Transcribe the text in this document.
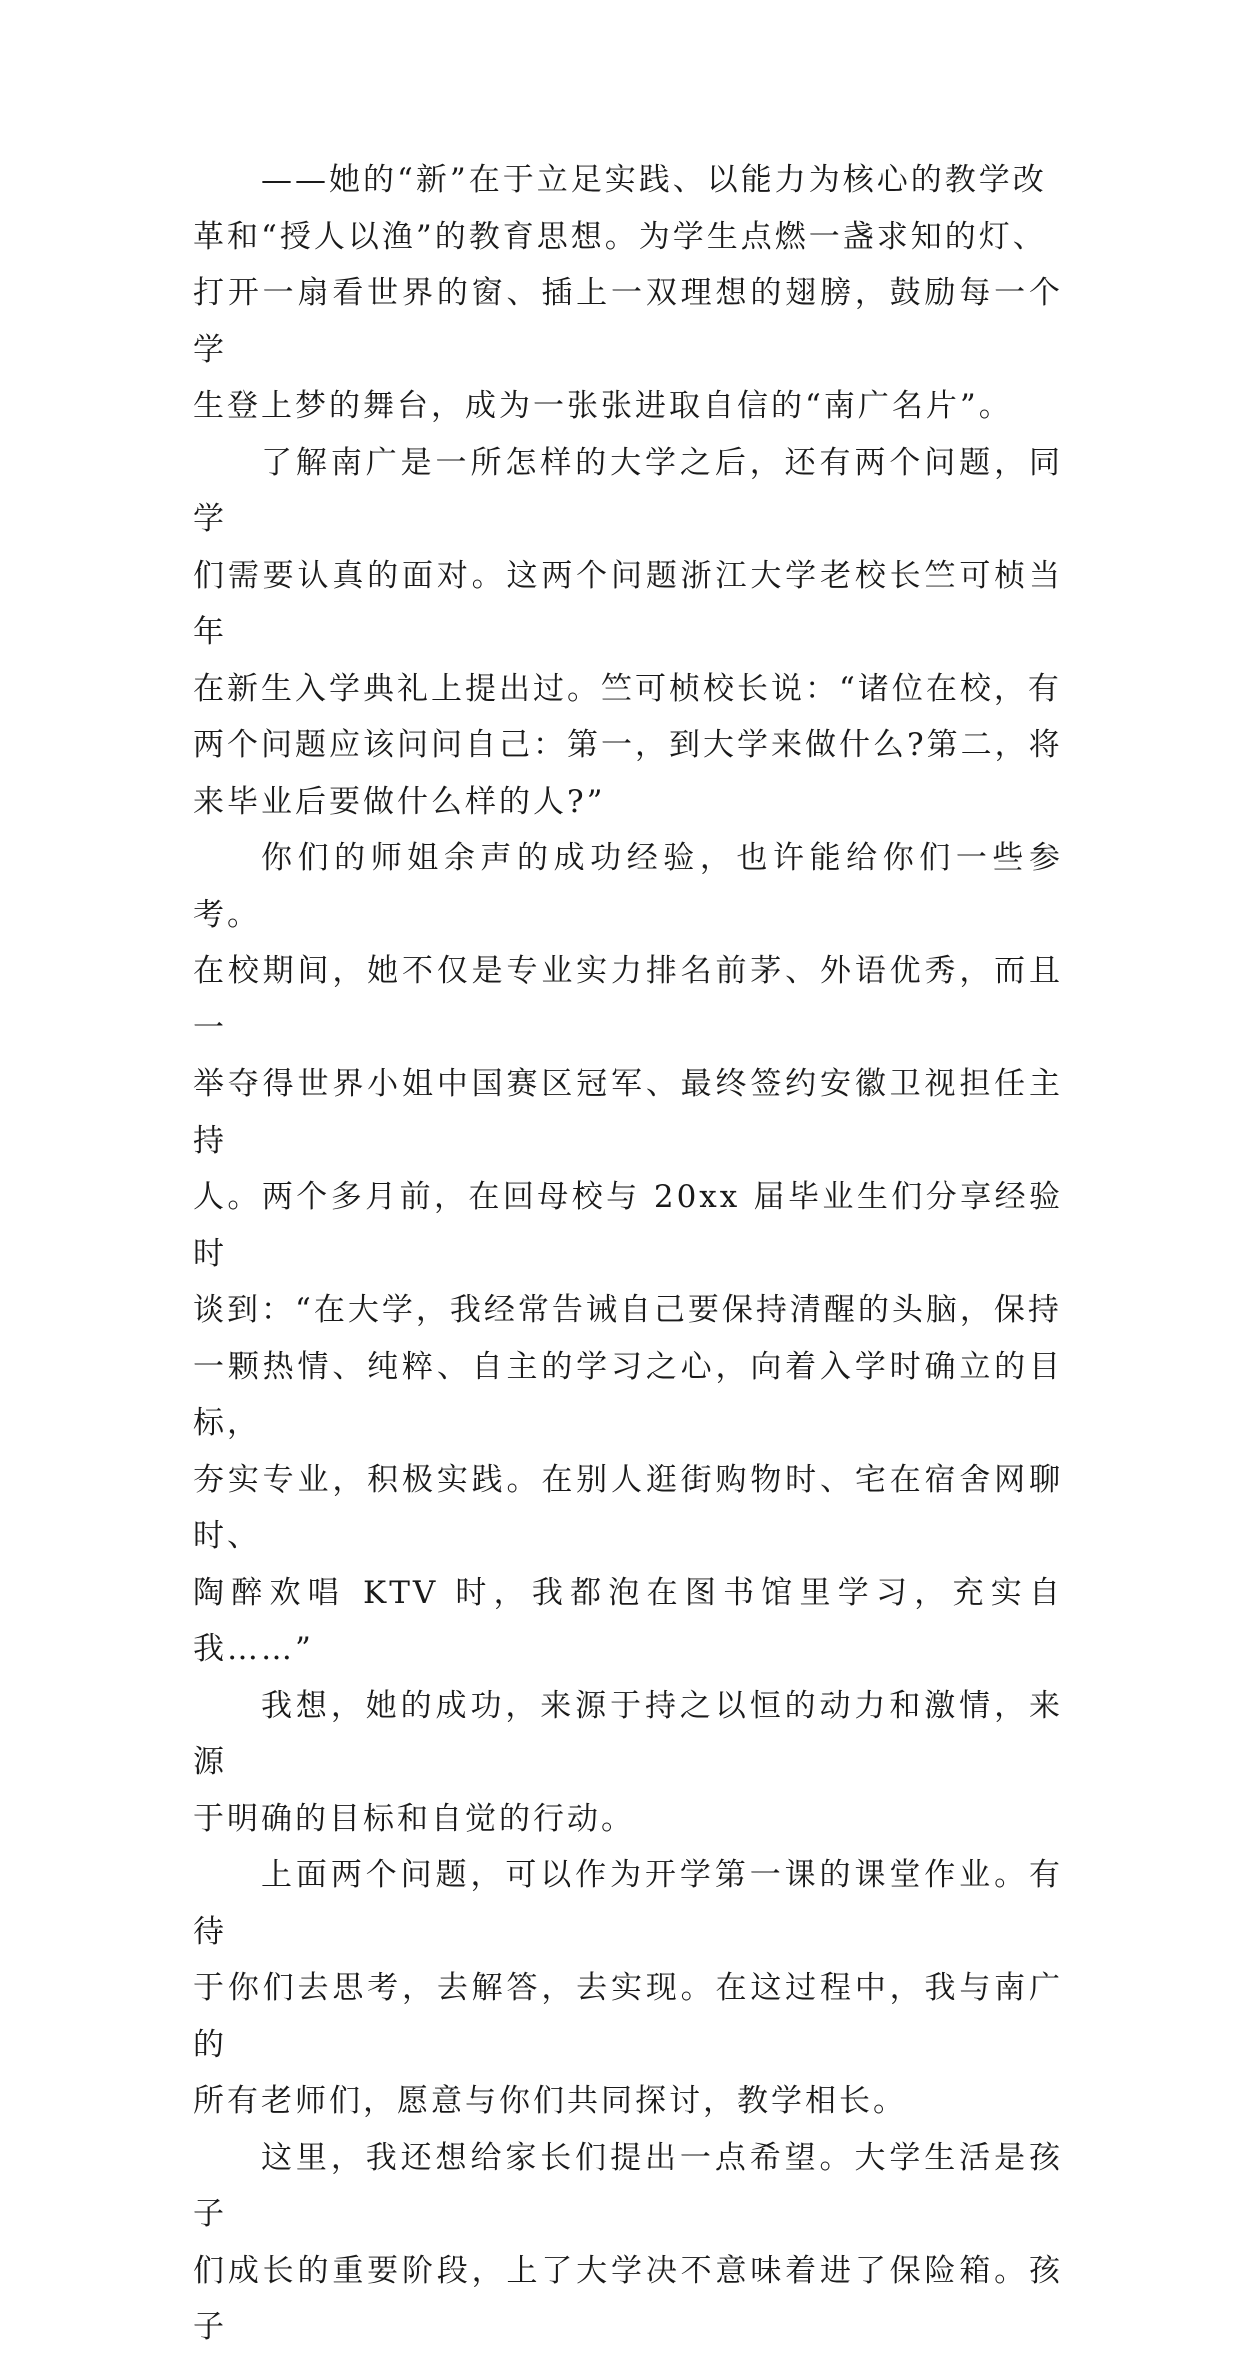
——她的“新”在于立足实践、以能力为核心的教学改
革和“授人以渔”的教育思想。为学生点燃一盏求知的灯、
打开一扇看世界的窗、插上一双理想的翅膀，鼓励每一个学
生登上梦的舞台，成为一张张进取自信的“南广名片”。

了解南广是一所怎样的大学之后，还有两个问题，同学
们需要认真的面对。这两个问题浙江大学老校长竺可桢当年
在新生入学典礼上提出过。竺可桢校长说：“诸位在校，有
两个问题应该问问自己：第一，到大学来做什么?第二，将
来毕业后要做什么样的人?”

你们的师姐余声的成功经验，也许能给你们一些参考。
在校期间，她不仅是专业实力排名前茅、外语优秀，而且一
举夺得世界小姐中国赛区冠军、最终签约安徽卫视担任主持
人。两个多月前，在回母校与 20xx 届毕业生们分享经验时
谈到：“在大学，我经常告诫自己要保持清醒的头脑，保持
一颗热情、纯粹、自主的学习之心，向着入学时确立的目标，
夯实专业，积极实践。在别人逛街购物时、宅在宿舍网聊时、
陶醉欢唱 KTV 时，我都泡在图书馆里学习，充实自我……”

我想，她的成功，来源于持之以恒的动力和激情，来源
于明确的目标和自觉的行动。

上面两个问题，可以作为开学第一课的课堂作业。有待
于你们去思考，去解答，去实现。在这过程中，我与南广的
所有老师们，愿意与你们共同探讨，教学相长。

这里，我还想给家长们提出一点希望。大学生活是孩子
们成长的重要阶段，上了大学决不意味着进了保险箱。孩子
